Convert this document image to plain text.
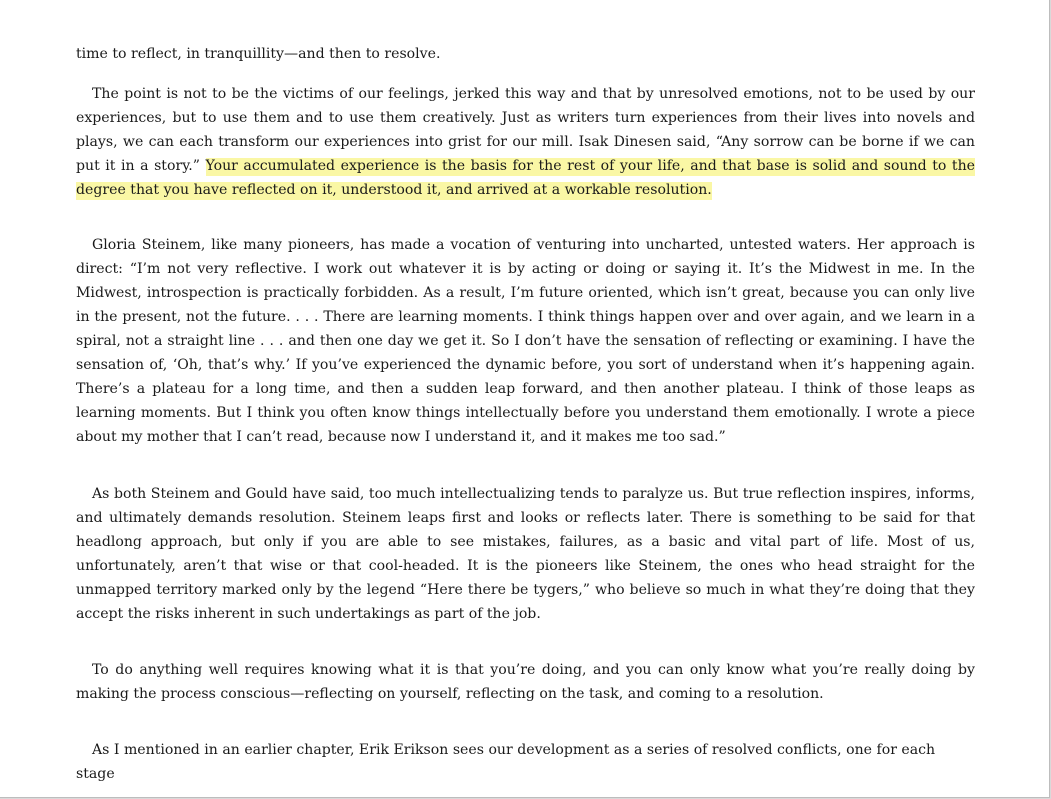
time to reflect, in tranquillity—and then to resolve.

The point is not to be the victims of our feelings, jerked this way and that by unresolved emotions, not to be used by our experiences, but to use them and to use them creatively. Just as writers turn experiences from their lives into novels and plays, we can each transform our experiences into grist for our mill. Isak Dinesen said, “Any sorrow can be borne if we can put it in a story.” Your accumulated experience is the basis for the rest of your life, and that base is solid and sound to the degree that you have reflected on it, understood it, and arrived at a workable resolution.

Gloria Steinem, like many pioneers, has made a vocation of venturing into uncharted, untested waters. Her approach is direct: “I’m not very reflective. I work out whatever it is by acting or doing or saying it. It’s the Midwest in me. In the Midwest, introspection is practically forbidden. As a result, I’m future oriented, which isn’t great, because you can only live in the present, not the future. . . . There are learning moments. I think things happen over and over again, and we learn in a spiral, not a straight line . . . and then one day we get it. So I don’t have the sensation of reflecting or examining. I have the sensation of, ‘Oh, that’s why.’ If you’ve experienced the dynamic before, you sort of understand when it’s happening again. There’s a plateau for a long time, and then a sudden leap forward, and then another plateau. I think of those leaps as learning moments. But I think you often know things intellectually before you understand them emotionally. I wrote a piece about my mother that I can’t read, because now I understand it, and it makes me too sad.”

As both Steinem and Gould have said, too much intellectualizing tends to paralyze us. But true reflection inspires, informs, and ultimately demands resolution. Steinem leaps first and looks or reflects later. There is something to be said for that headlong approach, but only if you are able to see mistakes, failures, as a basic and vital part of life. Most of us, unfortunately, aren’t that wise or that cool-headed. It is the pioneers like Steinem, the ones who head straight for the unmapped territory marked only by the legend “Here there be tygers,” who believe so much in what they’re doing that they accept the risks inherent in such undertakings as part of the job.

To do anything well requires knowing what it is that you’re doing, and you can only know what you’re really doing by making the process conscious—reflecting on yourself, reflecting on the task, and coming to a resolution.

As I mentioned in an earlier chapter, Erik Erikson sees our development as a series of resolved conflicts, one for each stage
